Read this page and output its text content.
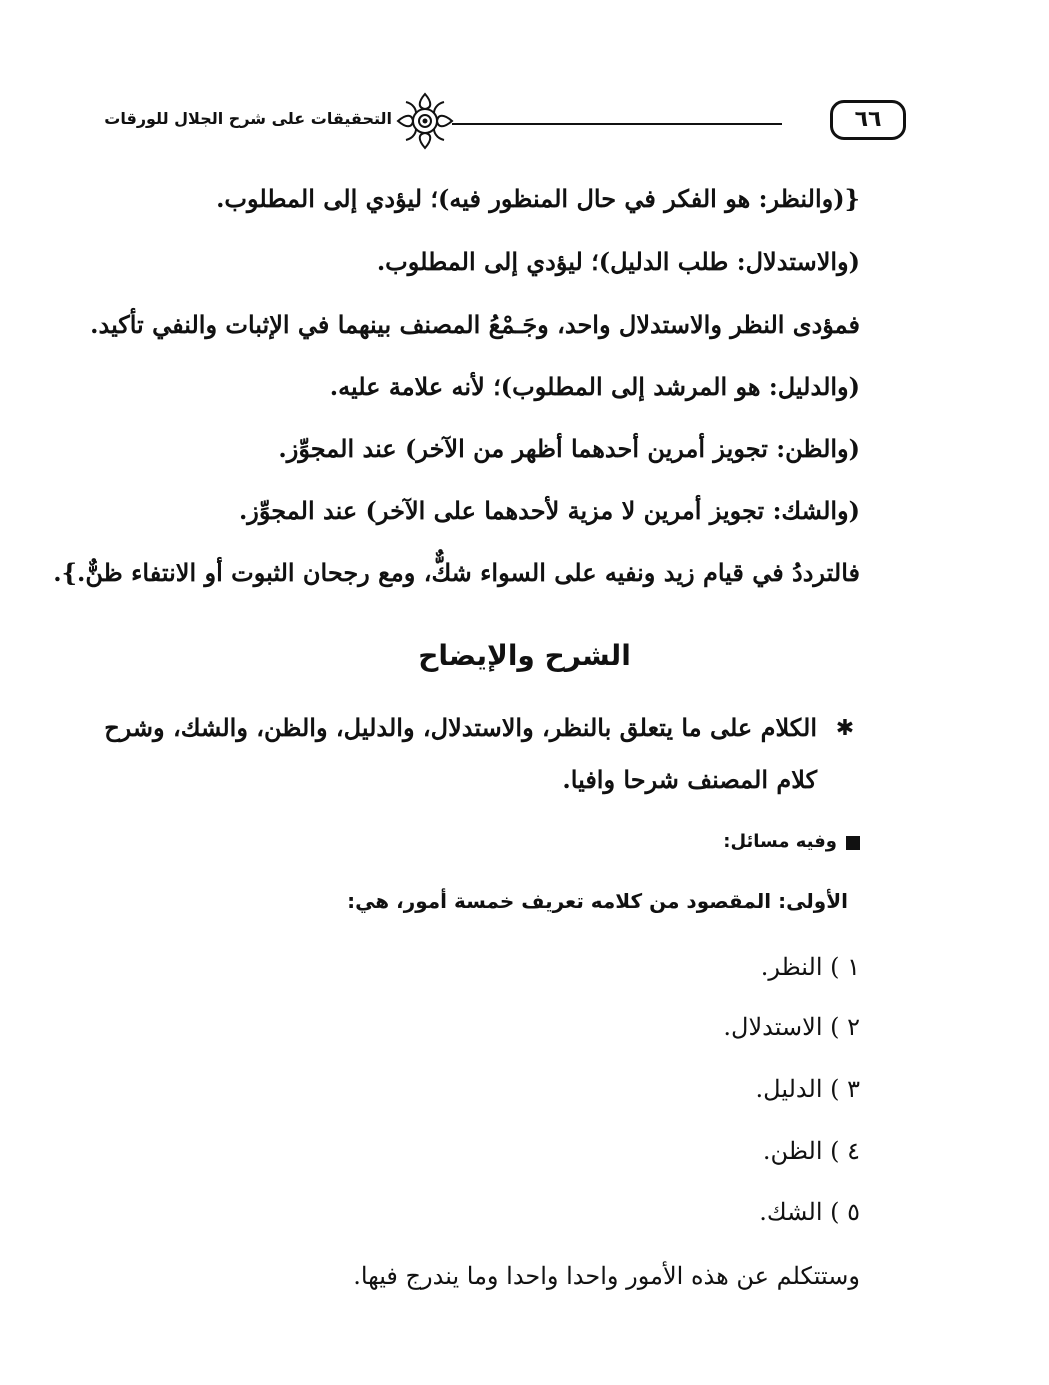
التحقيقات على شرح الجلال للورقات	٦٦
{(والنظر: هو الفكر في حال المنظور فيه)؛ ليؤدي إلى المطلوب.
(والاستدلال: طلب الدليل)؛ ليؤدي إلى المطلوب.
فمؤدى النظر والاستدلال واحد، وجَـمْعُ المصنف بينهما في الإثبات والنفي تأكيد.
(والدليل: هو المرشد إلى المطلوب)؛ لأنه علامة عليه.
(والظن: تجويز أمرين أحدهما أظهر من الآخر) عند المجوِّز.
(والشك: تجويز أمرين لا مزية لأحدهما على الآخر) عند المجوِّز.
فالترددُ في قيام زيد ونفيه على السواء شكٌّ، ومع رجحان الثبوت أو الانتفاء ظنٌّ.}.
الشرح والإيضاح
✱
الكلام على ما يتعلق بالنظر، والاستدلال، والدليل، والظن، والشك، وشرح
كلام المصنف شرحا وافيا.
وفيه مسائل:
الأولى: المقصود من كلامه تعريف خمسة أمور، هي:
١ ) النظر.
٢ ) الاستدلال.
٣ ) الدليل.
٤ ) الظن.
٥ ) الشك.
وستتكلم عن هذه الأمور واحدا واحدا وما يندرج فيها.
